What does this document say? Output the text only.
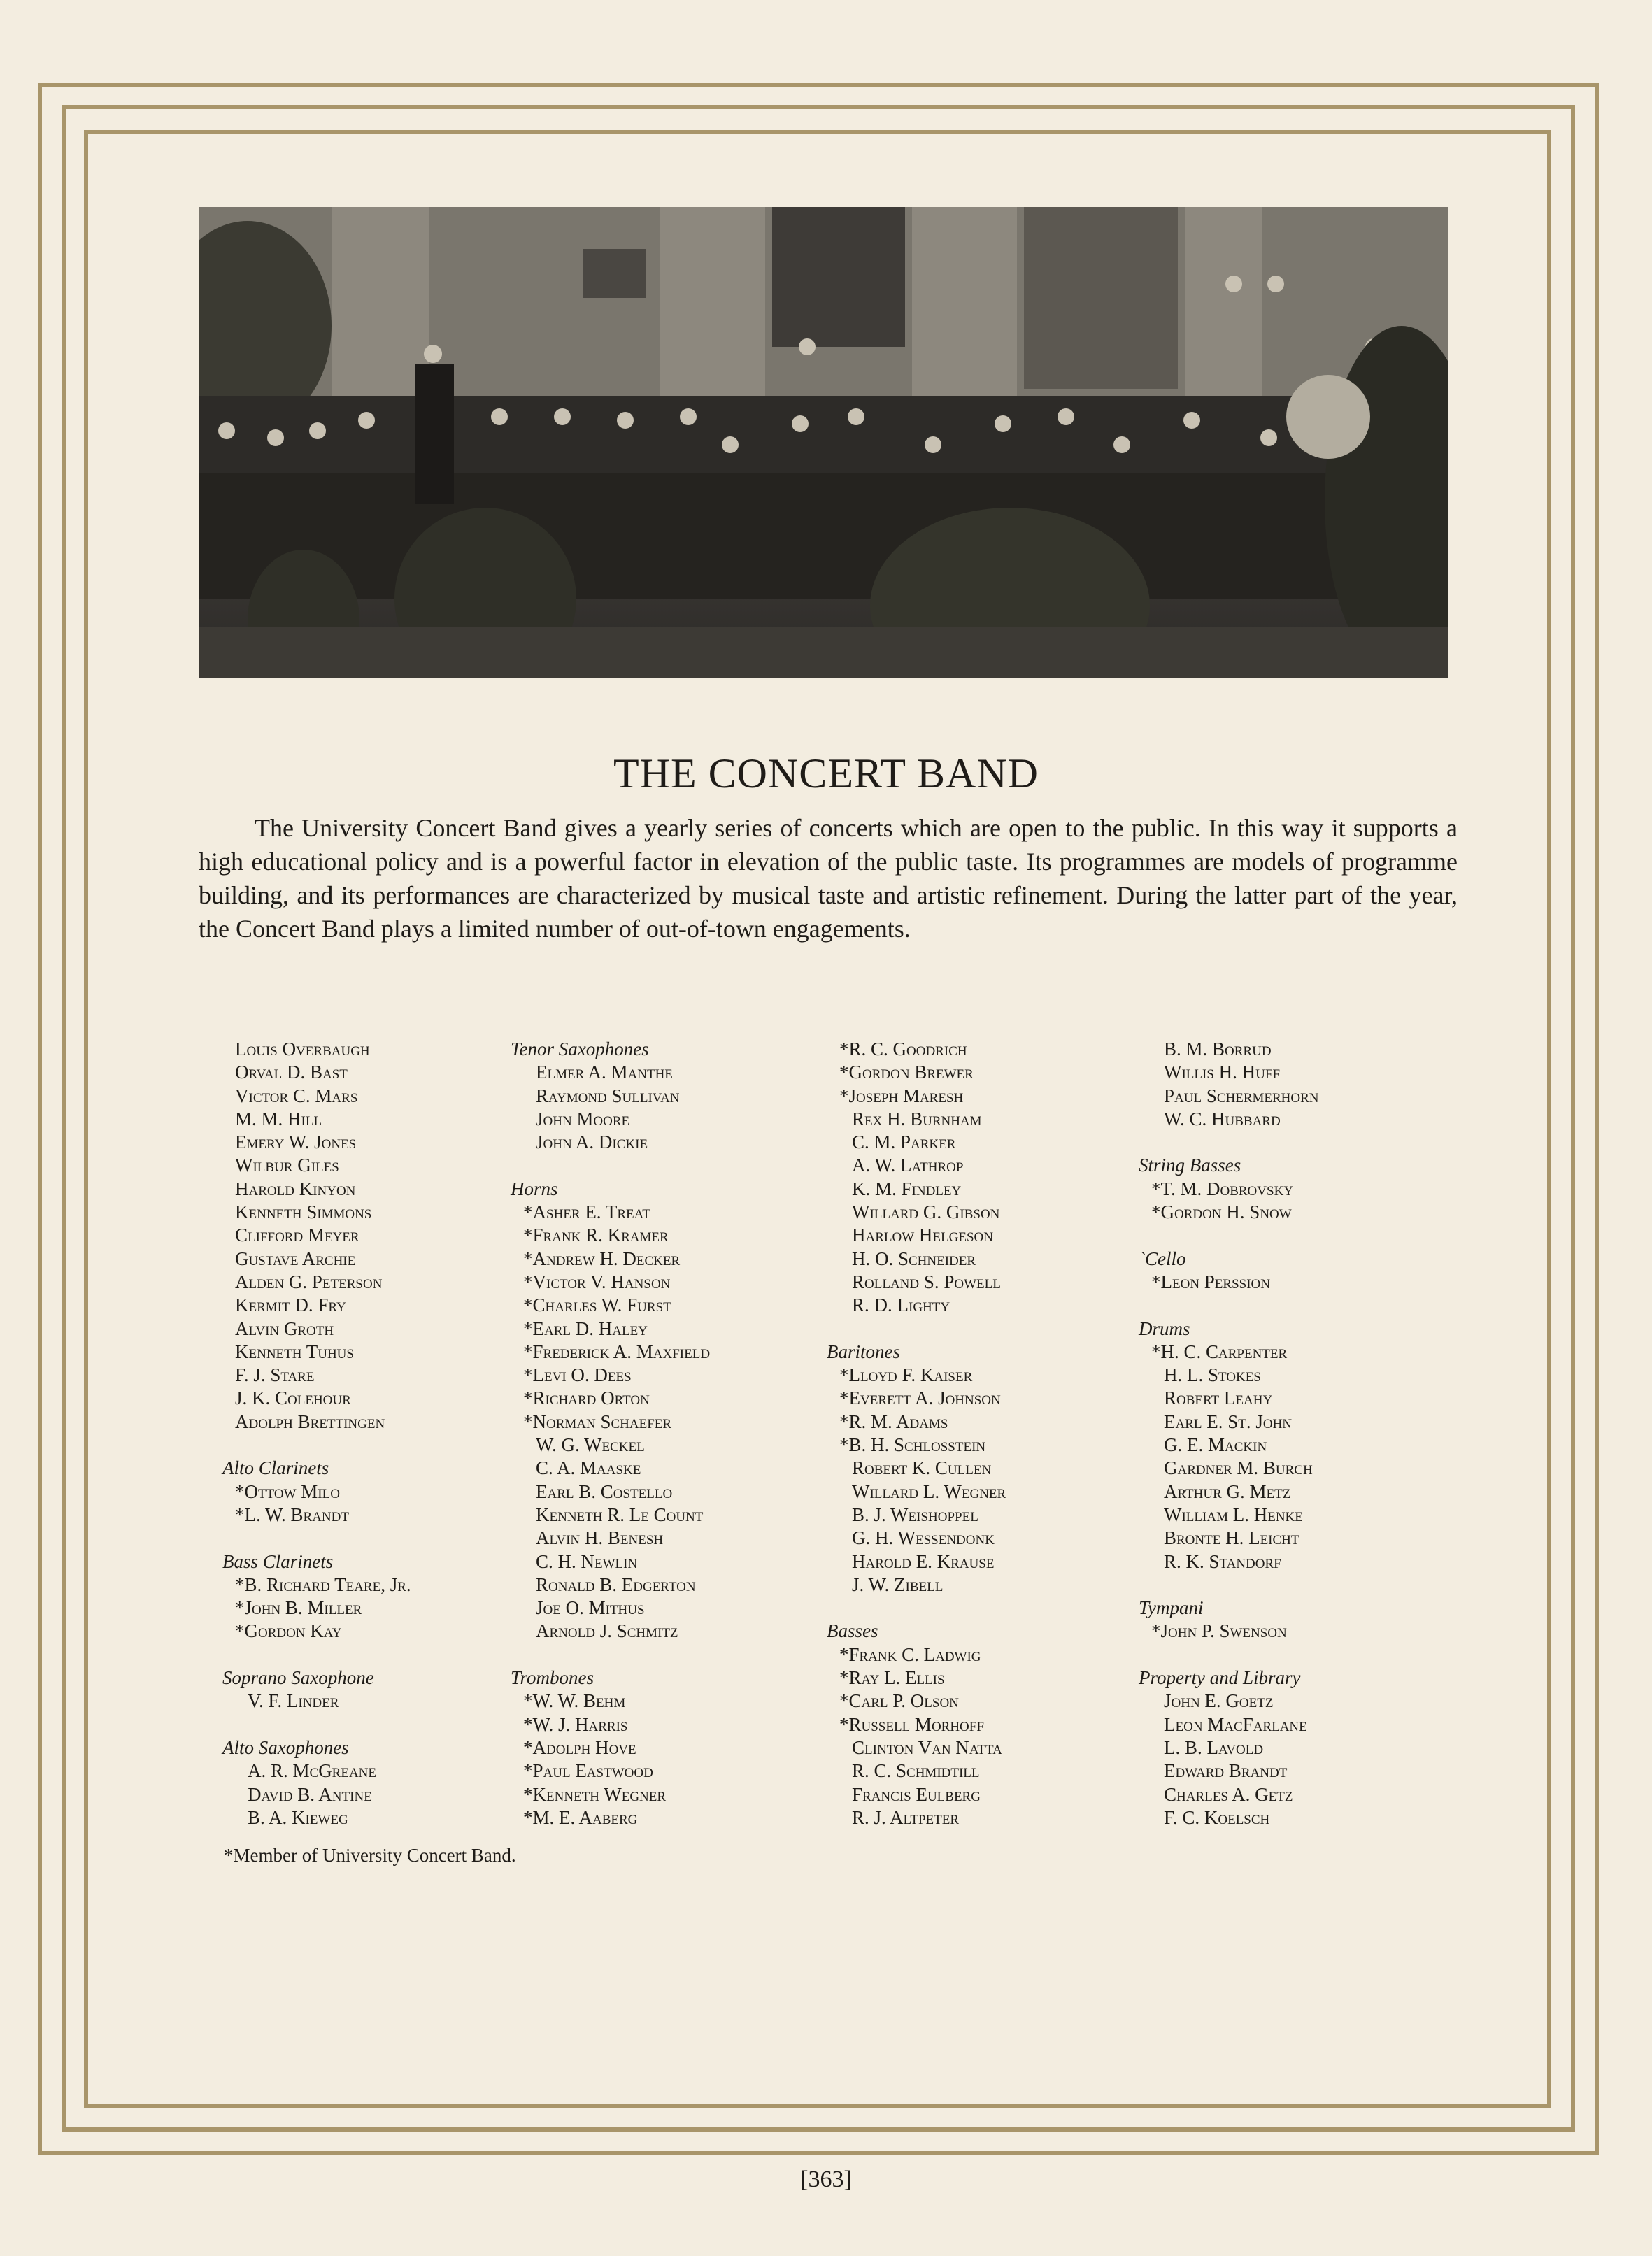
THE CONCERT BAND
The University Concert Band gives a yearly series of concerts which are open to the public. In this way it supports a high educational policy and is a powerful factor in elevation of the public taste. Its programmes are models of programme building, and its performances are characterized by musical taste and artistic refinement. During the latter part of the year, the Concert Band plays a limited number of out-of-town engagements.
Louis Overbaugh
Orval D. Bast
Victor C. Mars
M. M. Hill
Emery W. Jones
Wilbur Giles
Harold Kinyon
Kenneth Simmons
Clifford Meyer
Gustave Archie
Alden G. Peterson
Kermit D. Fry
Alvin Groth
Kenneth Tuhus
F. J. Stare
J. K. Colehour
Adolph Brettingen
Alto Clarinets
*Ottow Milo
*L. W. Brandt
Bass Clarinets
*B. Richard Teare, Jr.
*John B. Miller
*Gordon Kay
Soprano Saxophone
V. F. Linder
Alto Saxophones
A. R. McGreane
David B. Antine
B. A. Kieweg
Tenor Saxophones
Elmer A. Manthe
Raymond Sullivan
John Moore
John A. Dickie
Horns
*Asher E. Treat
*Frank R. Kramer
*Andrew H. Decker
*Victor V. Hanson
*Charles W. Furst
*Earl D. Haley
*Frederick A. Maxfield
*Levi O. Dees
*Richard Orton
*Norman Schaefer
W. G. Weckel
C. A. Maaske
Earl B. Costello
Kenneth R. Le Count
Alvin H. Benesh
C. H. Newlin
Ronald B. Edgerton
Joe O. Mithus
Arnold J. Schmitz
Trombones
*W. W. Behm
*W. J. Harris
*Adolph Hove
*Paul Eastwood
*Kenneth Wegner
*M. E. Aaberg
*R. C. Goodrich
*Gordon Brewer
*Joseph Maresh
Rex H. Burnham
C. M. Parker
A. W. Lathrop
K. M. Findley
Willard G. Gibson
Harlow Helgeson
H. O. Schneider
Rolland S. Powell
R. D. Lighty
Baritones
*Lloyd F. Kaiser
*Everett A. Johnson
*R. M. Adams
*B. H. Schlosstein
Robert K. Cullen
Willard L. Wegner
B. J. Weishoppel
G. H. Wessendonk
Harold E. Krause
J. W. Zibell
Basses
*Frank C. Ladwig
*Ray L. Ellis
*Carl P. Olson
*Russell Morhoff
Clinton Van Natta
R. C. Schmidtill
Francis Eulberg
R. J. Altpeter
B. M. Borrud
Willis H. Huff
Paul Schermerhorn
W. C. Hubbard
String Basses
*T. M. Dobrovsky
*Gordon H. Snow
`Cello
*Leon Perssion
Drums
*H. C. Carpenter
H. L. Stokes
Robert Leahy
Earl E. St. John
G. E. Mackin
Gardner M. Burch
Arthur G. Metz
William L. Henke
Bronte H. Leicht
R. K. Standorf
Tympani
*John P. Swenson
Property and Library
John E. Goetz
Leon MacFarlane
L. B. Lavold
Edward Brandt
Charles A. Getz
F. C. Koelsch
*Member of University Concert Band.
[363]
